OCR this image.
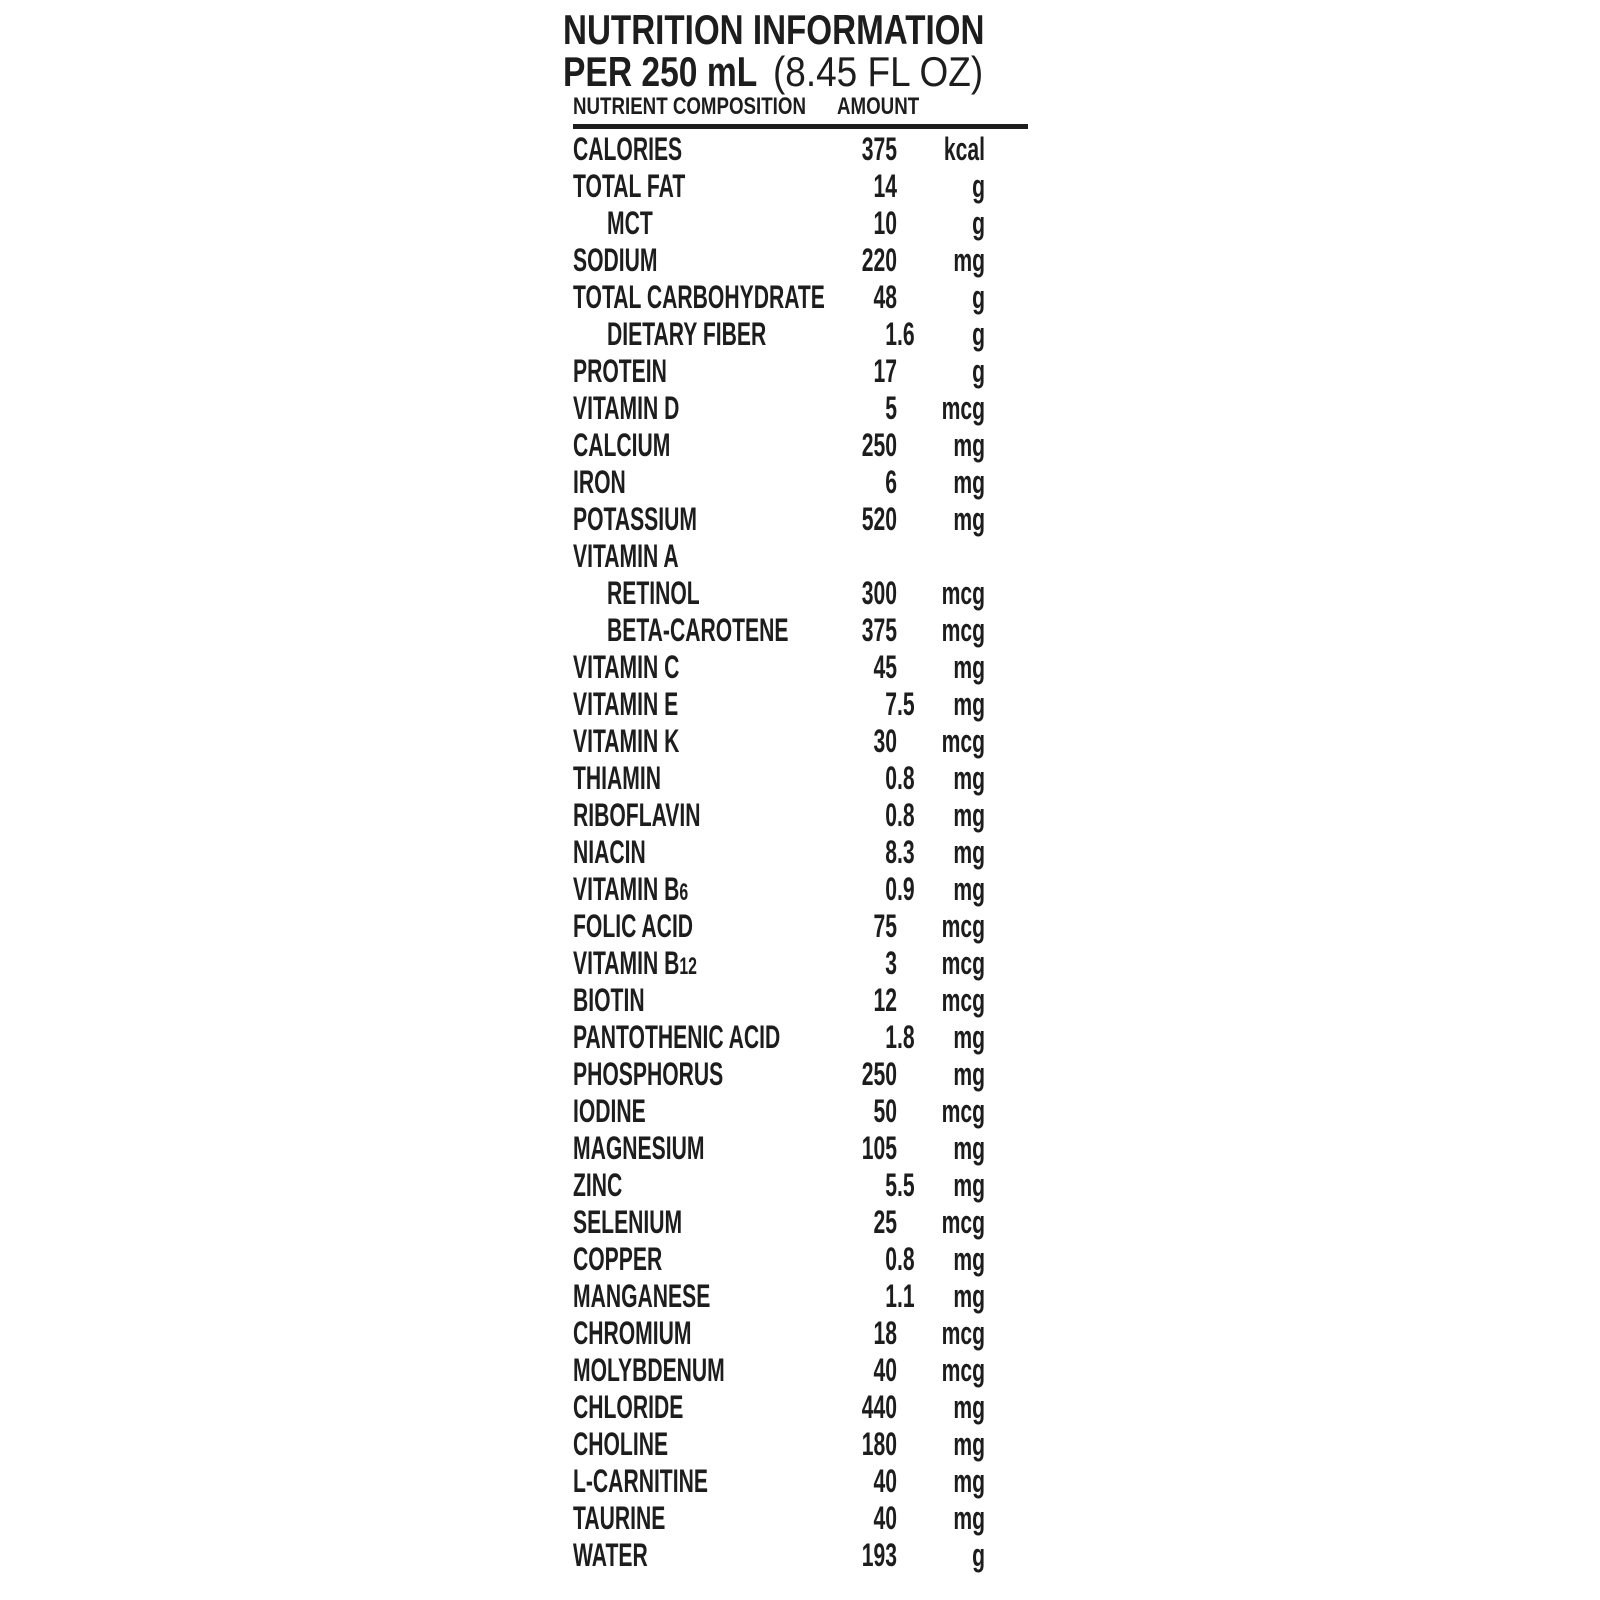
NUTRITION INFORMATION
PER 250 mL (8.45 FL OZ)
NUTRIENT COMPOSITION AMOUNT
CALORIES	375	kcal
TOTAL FAT	14	g
MCT	10	g
SODIUM	220	mg
TOTAL CARBOHYDRATE	48	g
DIETARY FIBER	1 .6	g
PROTEIN	17	g
VITAMIN D	5	mcg
CALCIUM	250	mg
IRON	6	mg
POTASSIUM	520	mg
VITAMIN A
RETINOL	300	mcg
BETA-CAROTENE	375	mcg
VITAMIN C	45	mg
VITAMIN E	7 .5	mg
VITAMIN K	30	mcg
THIAMIN	0 .8	mg
RIBOFLAVIN	0 .8	mg
NIACIN	8 .3	mg
VITAMIN B6	0 .9	mg
FOLIC ACID	75	mcg
VITAMIN B12	3	mcg
BIOTIN	12	mcg
PANTOTHENIC ACID	1 .8	mg
PHOSPHORUS	250	mg
IODINE	50	mcg
MAGNESIUM	105	mg
ZINC	5 .5	mg
SELENIUM	25	mcg
COPPER	0 .8	mg
MANGANESE	1 .1	mg
CHROMIUM	18	mcg
MOLYBDENUM	40	mcg
CHLORIDE	440	mg
CHOLINE	180	mg
L-CARNITINE	40	mg
TAURINE	40	mg
WATER	193	g
